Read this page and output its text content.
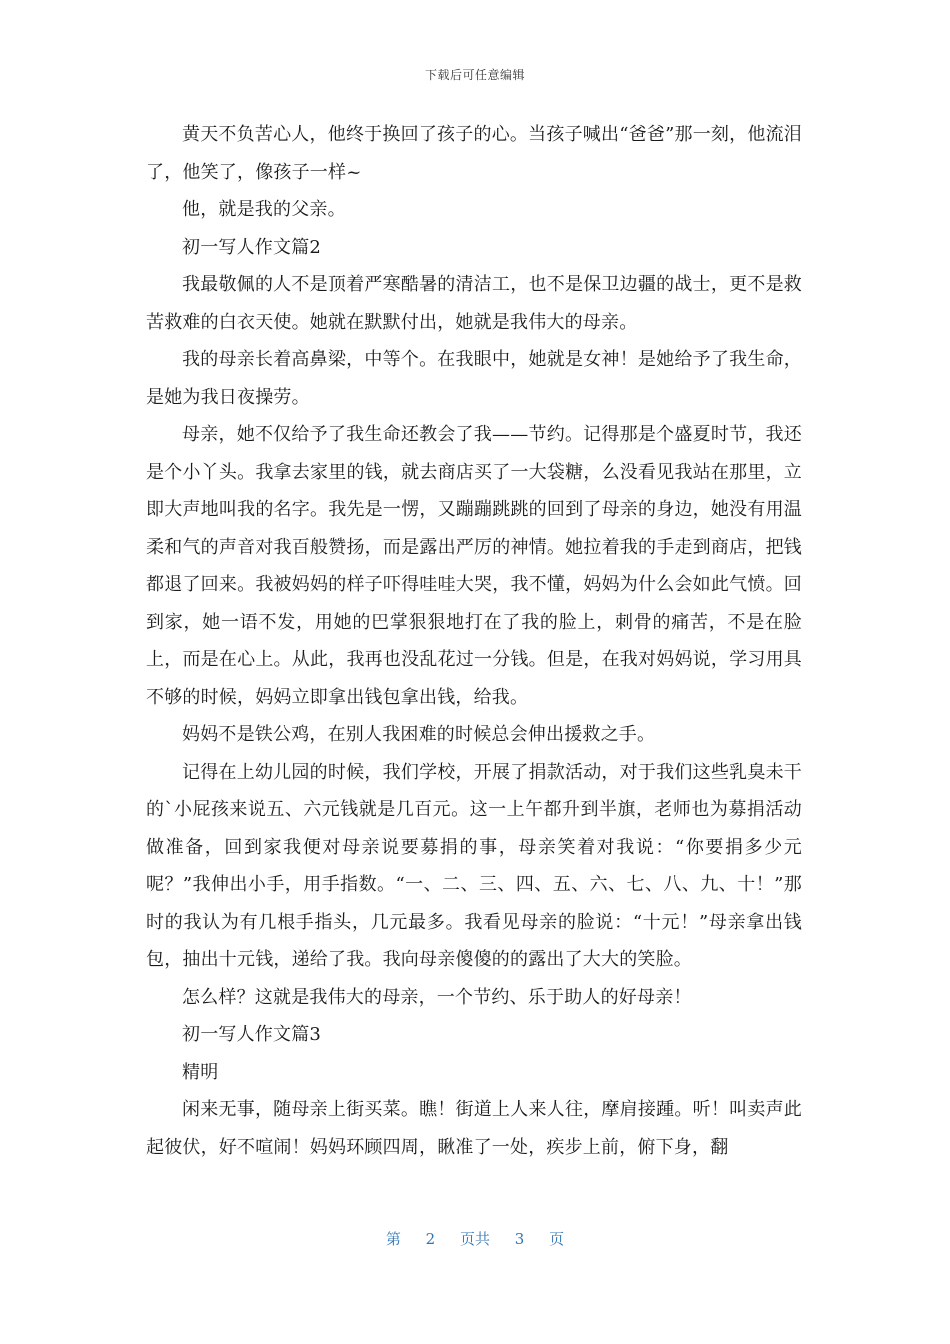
下载后可任意编辑

黄天不负苦心人，他终于换回了孩子的心。当孩子喊出“爸爸”那一刻，他流泪了，他笑了，像孩子一样~

他，就是我的父亲。

初一写人作文篇2

我最敬佩的人不是顶着严寒酷暑的清洁工，也不是保卫边疆的战士，更不是救苦救难的白衣天使。她就在默默付出，她就是我伟大的母亲。

我的母亲长着高鼻梁，中等个。在我眼中，她就是女神！是她给予了我生命，是她为我日夜操劳。

母亲，她不仅给予了我生命还教会了我——节约。记得那是个盛夏时节，我还是个小丫头。我拿去家里的钱，就去商店买了一大袋糖，么没看见我站在那里，立即大声地叫我的名字。我先是一愣，又蹦蹦跳跳的回到了母亲的身边，她没有用温柔和气的声音对我百般赞扬，而是露出严厉的神情。她拉着我的手走到商店，把钱都退了回来。我被妈妈的样子吓得哇哇大哭，我不懂，妈妈为什么会如此气愤。回到家，她一语不发，用她的巴掌狠狠地打在了我的脸上，刺骨的痛苦，不是在脸上，而是在心上。从此，我再也没乱花过一分钱。但是，在我对妈妈说，学习用具不够的时候，妈妈立即拿出钱包拿出钱，给我。

妈妈不是铁公鸡，在别人我困难的时候总会伸出援救之手。

记得在上幼儿园的时候，我们学校，开展了捐款活动，对于我们这些乳臭未干的`小屁孩来说五、六元钱就是几百元。这一上午都升到半旗，老师也为募捐活动做准备，回到家我便对母亲说要募捐的事，母亲笑着对我说：“你要捐多少元呢？”我伸出小手，用手指数。“一、二、三、四、五、六、七、八、九、十！”那时的我认为有几根手指头，几元最多。我看见母亲的脸说：“十元！”母亲拿出钱包，抽出十元钱，递给了我。我向母亲傻傻的的露出了大大的笑脸。

怎么样？这就是我伟大的母亲，一个节约、乐于助人的好母亲！

初一写人作文篇3

精明

闲来无事，随母亲上街买菜。瞧！街道上人来人往，摩肩接踵。听！叫卖声此起彼伏，好不喧闹！妈妈环顾四周，瞅准了一处，疾步上前，俯下身，翻

第 2 页共 3 页
